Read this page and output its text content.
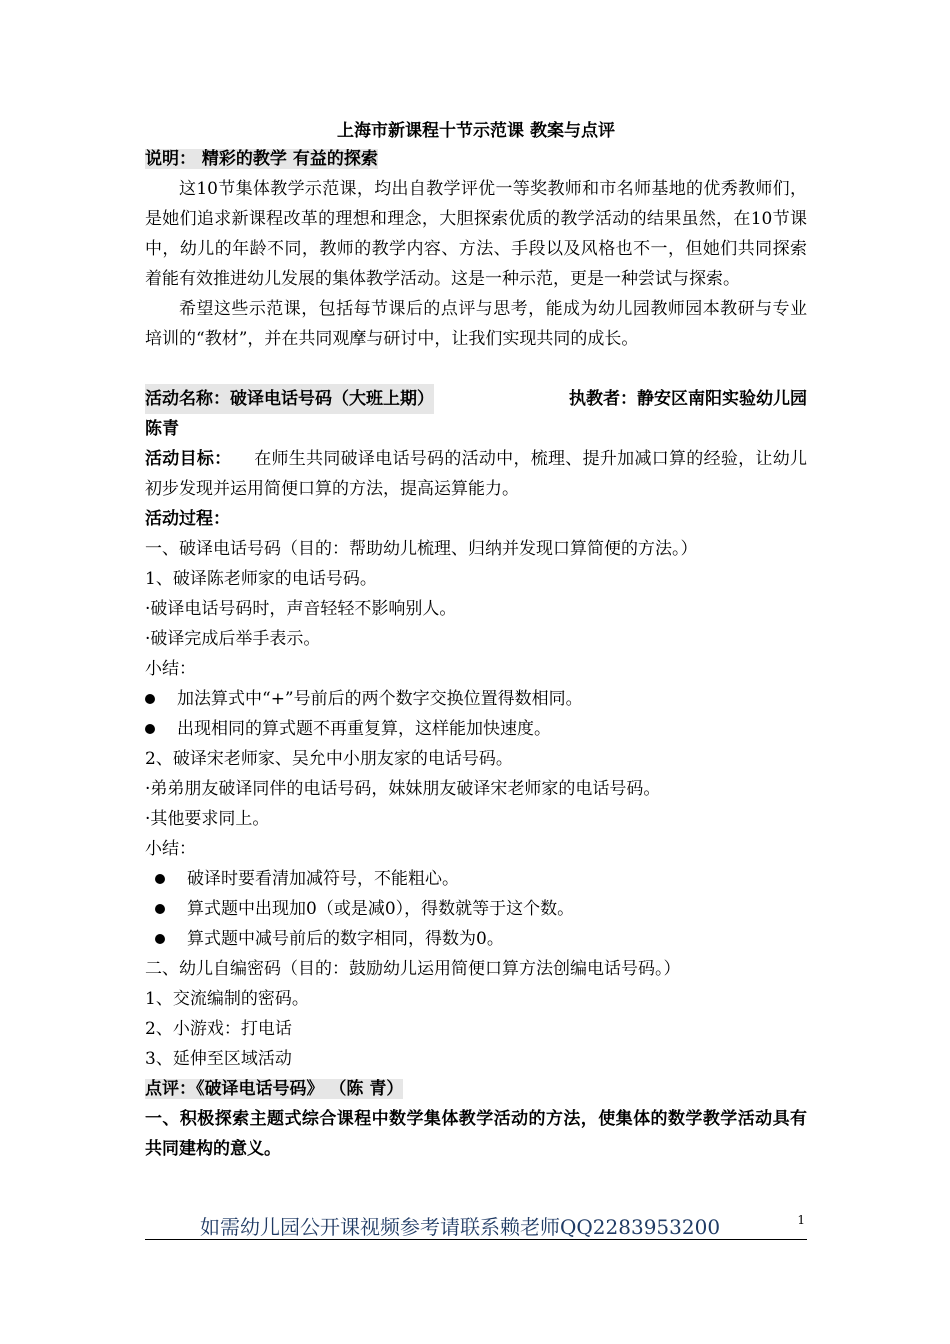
上海市新课程十节示范课 教案与点评
说明： 精彩的教学 有益的探索
这10节集体教学示范课，均出自教学评优一等奖教师和市名师基地的优秀教师们，是她们追求新课程改革的理想和理念，大胆探索优质的教学活动的结果虽然，在10节课中，幼儿的年龄不同，教师的教学内容、方法、手段以及风格也不一，但她们共同探索着能有效推进幼儿发展的集体教学活动。这是一种示范，更是一种尝试与探索。
希望这些示范课，包括每节课后的点评与思考，能成为幼儿园教师园本教研与专业培训的“教材”，并在共同观摩与研讨中，让我们实现共同的成长。
活动名称：破译电话号码（大班上期）	执教者：静安区南阳实验幼儿园
陈青
活动目标： 在师生共同破译电话号码的活动中，梳理、提升加减口算的经验，让幼儿初步发现并运用简便口算的方法，提高运算能力。
活动过程：
一、破译电话号码（目的：帮助幼儿梳理、归纳并发现口算简便的方法。）
1、破译陈老师家的电话号码。
·破译电话号码时，声音轻轻不影响别人。
·破译完成后举手表示。
小结：
加法算式中“+”号前后的两个数字交换位置得数相同。
出现相同的算式题不再重复算，这样能加快速度。
2、破译宋老师家、吴允中小朋友家的电话号码。
·弟弟朋友破译同伴的电话号码，妹妹朋友破译宋老师家的电话号码。
·其他要求同上。
小结：
破译时要看清加减符号，不能粗心。
算式题中出现加0（或是减0），得数就等于这个数。
算式题中减号前后的数字相同，得数为0。
二、幼儿自编密码（目的：鼓励幼儿运用简便口算方法创编电话号码。）
1、交流编制的密码。
2、小游戏：打电话
3、延伸至区域活动
点评：《破译电话号码》 （陈 青）
一、积极探索主题式综合课程中数学集体教学活动的方法，使集体的数学教学活动具有共同建构的意义。
如需幼儿园公开课视频参考请联系赖老师QQ2283953200	1
